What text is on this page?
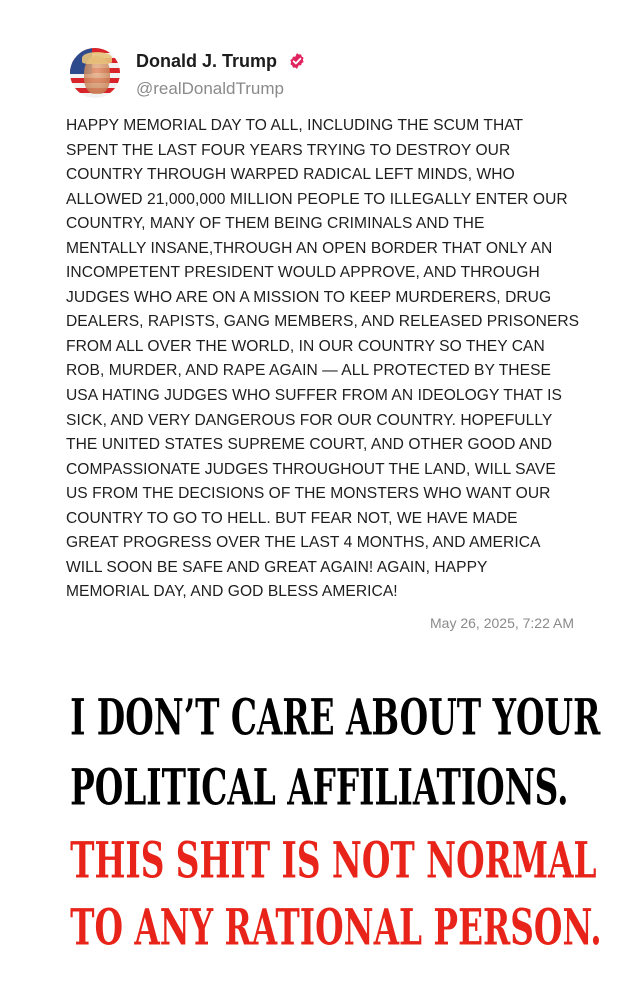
Donald J. Trump
@realDonaldTrump
HAPPY MEMORIAL DAY TO ALL, INCLUDING THE SCUM THAT
SPENT THE LAST FOUR YEARS TRYING TO DESTROY OUR
COUNTRY THROUGH WARPED RADICAL LEFT MINDS, WHO
ALLOWED 21,000,000 MILLION PEOPLE TO ILLEGALLY ENTER OUR
COUNTRY, MANY OF THEM BEING CRIMINALS AND THE
MENTALLY INSANE,THROUGH AN OPEN BORDER THAT ONLY AN
INCOMPETENT PRESIDENT WOULD APPROVE, AND THROUGH
JUDGES WHO ARE ON A MISSION TO KEEP MURDERERS, DRUG
DEALERS, RAPISTS, GANG MEMBERS, AND RELEASED PRISONERS
FROM ALL OVER THE WORLD, IN OUR COUNTRY SO THEY CAN
ROB, MURDER, AND RAPE AGAIN — ALL PROTECTED BY THESE
USA HATING JUDGES WHO SUFFER FROM AN IDEOLOGY THAT IS
SICK, AND VERY DANGEROUS FOR OUR COUNTRY. HOPEFULLY
THE UNITED STATES SUPREME COURT, AND OTHER GOOD AND
COMPASSIONATE JUDGES THROUGHOUT THE LAND, WILL SAVE
US FROM THE DECISIONS OF THE MONSTERS WHO WANT OUR
COUNTRY TO GO TO HELL. BUT FEAR NOT, WE HAVE MADE
GREAT PROGRESS OVER THE LAST 4 MONTHS, AND AMERICA
WILL SOON BE SAFE AND GREAT AGAIN! AGAIN, HAPPY
MEMORIAL DAY, AND GOD BLESS AMERICA!
May 26, 2025, 7:22 AM
I DON’T CARE ABOUT YOUR
POLITICAL AFFILIATIONS.
THIS SHIT IS NOT NORMAL
TO ANY RATIONAL PERSON.
